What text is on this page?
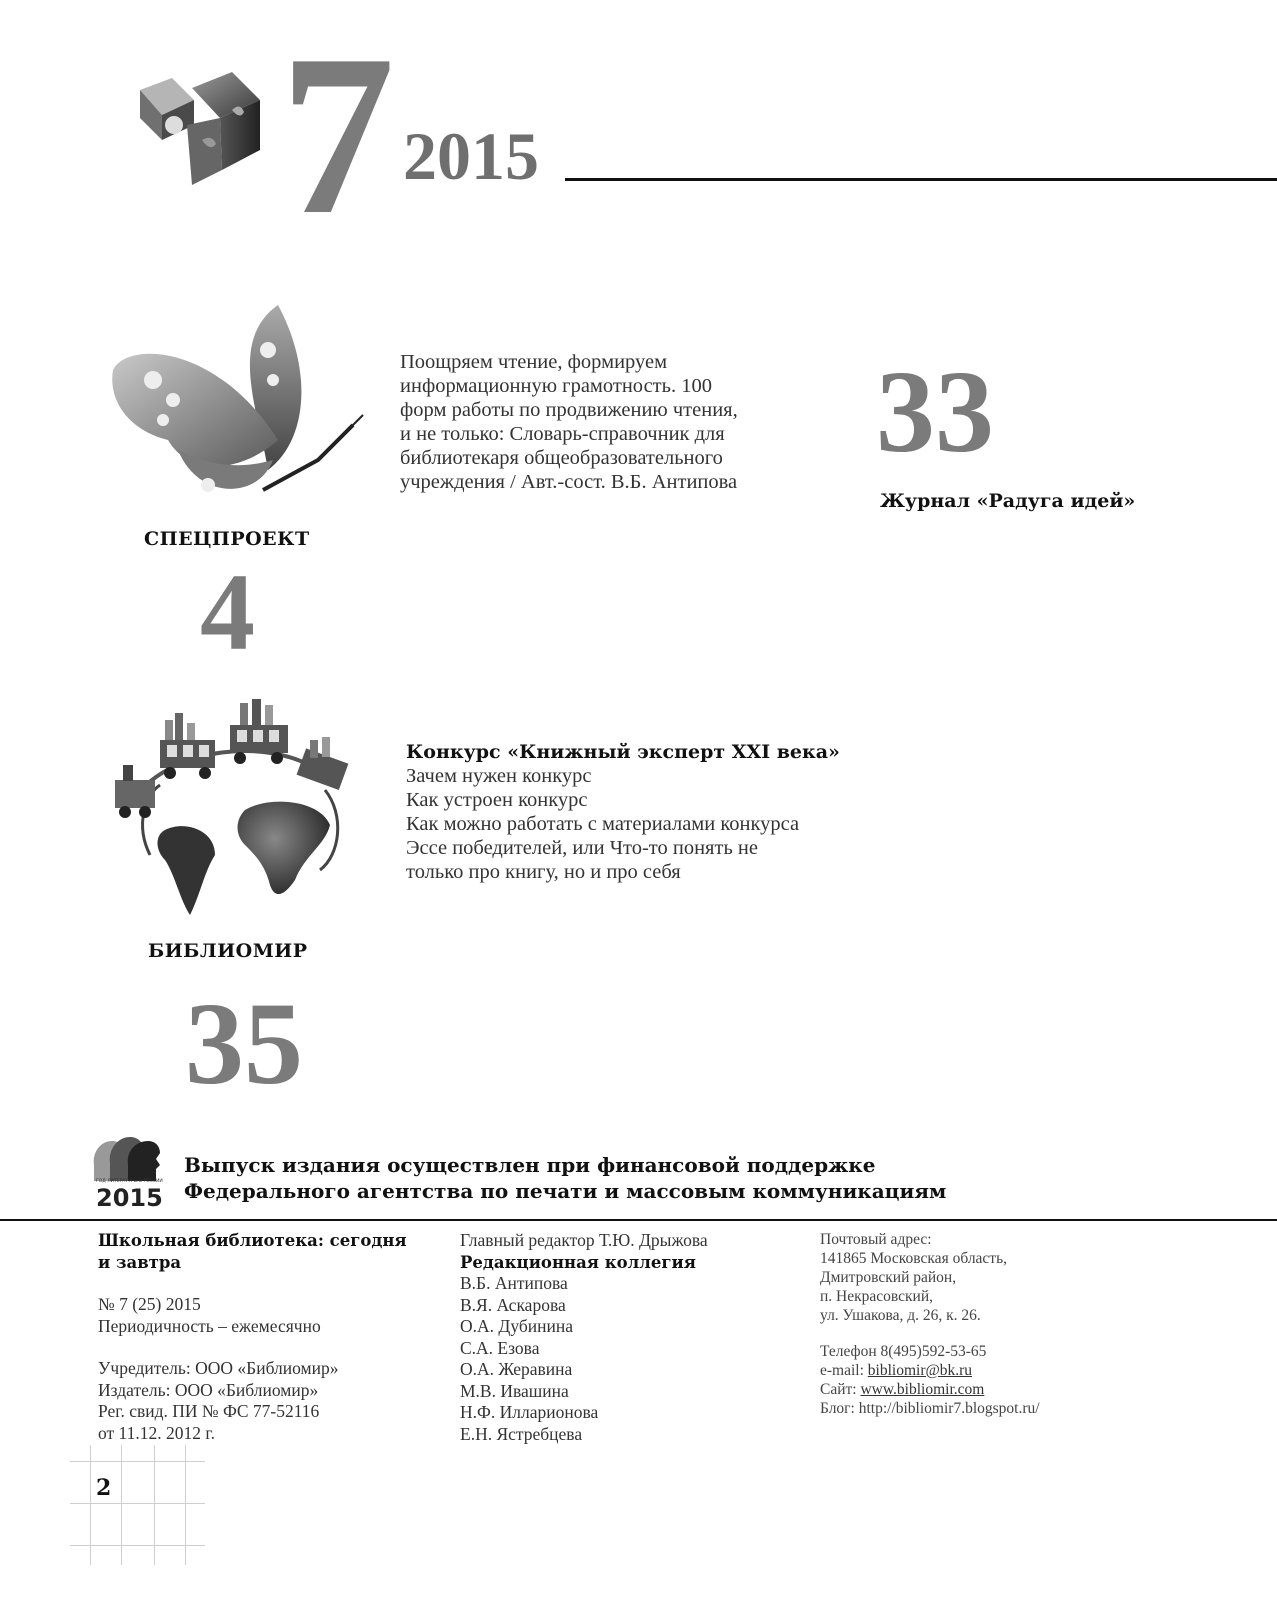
7 2015
СПЕЦПРОЕКТ
4
Поощряем чтение, формируем
информационную грамотность. 100
форм работы по продвижению чтения,
и не только: Словарь-справочник для
библиотекаря общеобразовательного
учреждения / Авт.-сост. В.Б. Антипова
33
Журнал «Радуга идей»
БИБЛИОМИР
35
Конкурс «Книжный эксперт XXI века»
Зачем нужен конкурс
Как устроен конкурс
Как можно работать с материалами конкурса
Эссе победителей, или Что-то понять не
только про книгу, но и про себя
ГОД ЛИТЕРАТУРЫ В РОССИИ
2015
Выпуск издания осуществлен при финансовой поддержке
Федерального агентства по печати и массовым коммуникациям
Школьная библиотека: сегодня
и завтра
№ 7 (25) 2015
Периодичность – ежемесячно
Учредитель: ООО «Библиомир»
Издатель: ООО «Библиомир»
Рег. свид. ПИ № ФС 77-52116
от 11.12. 2012 г.
Главный редактор Т.Ю. Дрыжова
Редакционная коллегия
В.Б. Антипова
В.Я. Аскарова
О.А. Дубинина
С.А. Езова
О.А. Жеравина
М.В. Ивашина
Н.Ф. Илларионова
Е.Н. Ястребцева
Почтовый адрес:
141865 Московская область,
Дмитровский район,
п. Некрасовский,
ул. Ушакова, д. 26, к. 26.
Телефон 8(495)592-53-65
e-mail: bibliomir@bk.ru
Сайт: www.bibliomir.com
Блог: http://bibliomir7.blogspot.ru/
2
